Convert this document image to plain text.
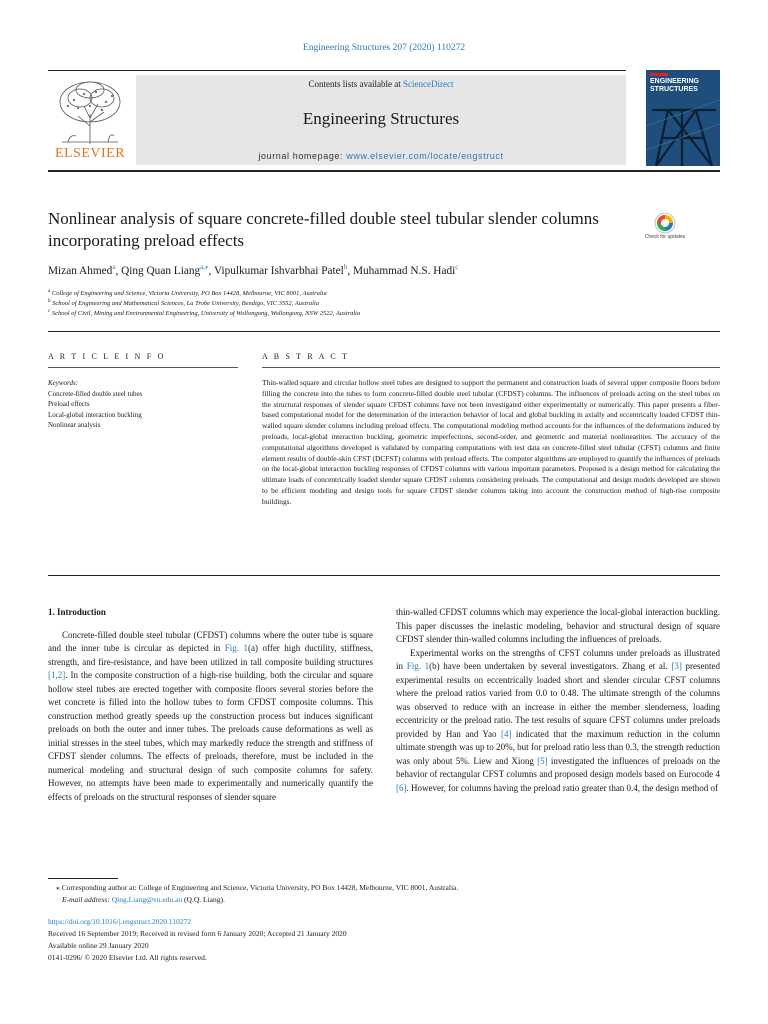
Engineering Structures 207 (2020) 110272
ELSEVIER
Contents lists available at ScienceDirect
Engineering Structures
journal homepage: www.elsevier.com/locate/engstruct
ENGINEERING STRUCTURES
Nonlinear analysis of square concrete-filled double steel tubular slender columns incorporating preload effects	Check for updates
Mizan Ahmed$^a$, Qing Quan Liang$^{a,⁎}$, Vipulkumar Ishvarbhai Patel$^b$, Muhammad N.S. Hadi$^c$
$^a$ College of Engineering and Science, Victoria University, PO Box 14428, Melbourne, VIC 8001, Australia
$^b$ School of Engineering and Mathematical Sciences, La Trobe University, Bendigo, VIC 3552, Australia
$^c$ School of Civil, Mining and Environmental Engineering, University of Wollongong, Wollongong, NSW 2522, Australia
A R T I C L E I N F O	A B S T R A C T
Keywords:
Concrete-filled double steel tubes
Preload effects
Local-global interaction buckling
Nonlinear analysis
Thin-walled square and circular hollow steel tubes are designed to support the permanent and construction loads of several upper composite floors before filling the concrete into the tubes to form concrete-filled double steel tubular (CFDST) columns. The influences of preloads acting on the steel tubes on the structural responses of slender square CFDST columns have not been investigated either experimentally or numerically. This paper presents a fiber-based computational model for the determination of the interaction behavior of local and global buckling in axially and eccentrically loaded CFDST thin-walled square slender columns including preload effects. The computational modeling method accounts for the influences of the deformations induced by preloads, local-global interaction buckling, geometric imperfections, second-order, and geometric and material nonlinearities. The accuracy of the computational algorithms developed is validated by comparing computations with test data on concrete-filled steel tubular (CFST) columns and finite element results of double-skin CFST (DCFST) columns with preload effects. The computer algorithms are employed to quantify the influences of preloads on the local-global interaction buckling responses of CFDST columns with various important parameters. Proposed is a design method for calculating the ultimate loads of concentrically loaded slender square CFDST columns considering preloads. The computational and design models developed are shown to be efficient modeling and design tools for square CFDST slender columns taking into account the construction method of high-rise composite buildings.

1. Introduction

Concrete-filled double steel tubular (CFDST) columns where the outer tube is square and the inner tube is circular as depicted in Fig. 1(a) offer high ductility, stiffness, strength, and fire-resistance, and have been utilized in tall composite building structures [1,2]. In the composite construction of a high-rise building, both the circular and square hollow steel tubes are erected together with composite floors several stories before the wet concrete is filled into the hollow tubes to form CFDST composite columns. This construction method greatly speeds up the construction process but induces significant preloads on both the outer and inner tubes. The preloads cause deformations as well as initial stresses in the steel tubes, which may markedly reduce the strength and stiffness of CFDST slender columns. The effects of preloads, therefore, must be included in the numerical modeling and structural design of such composite columns for safety. However, no attempts have been made to experimentally and numerically quantify the effects of preloads on the structural responses of slender square

thin-walled CFDST columns which may experience the local-global interaction buckling. This paper discusses the inelastic modeling, behavior and structural design of square CFDST slender thin-walled columns including the influences of preloads.

Experimental works on the strengths of CFST columns under preloads as illustrated in Fig. 1(b) have been undertaken by several investigators. Zhang et al. [3] presented experimental results on eccentrically loaded short and slender circular CFST columns where the preload ratios varied from 0.0 to 0.48. The ultimate strength of the columns was observed to reduce with an increase in either the member slenderness, loading eccentricity or the preload ratio. The test results of square CFST columns under preloads provided by Han and Yao [4] indicated that the maximum reduction in the column ultimate strength was up to 20%, but for preload ratio less than 0.3, the strength reduction was only about 5%. Liew and Xiong [5] investigated the influences of preloads on the behavior of rectangular CFST columns and proposed design models based on Eurocode 4 [6]. However, for columns having the preload ratio greater than 0.4, the design method of

⁎ Corresponding author at: College of Engineering and Science, Victoria University, PO Box 14428, Melbourne, VIC 8001, Australia.
E-mail address: Qing.Liang@vu.edu.au (Q.Q. Liang).
https://doi.org/10.1016/j.engstruct.2020.110272
Received 16 September 2019; Received in revised form 6 January 2020; Accepted 21 January 2020
Available online 29 January 2020
0141-0296/ © 2020 Elsevier Ltd. All rights reserved.
